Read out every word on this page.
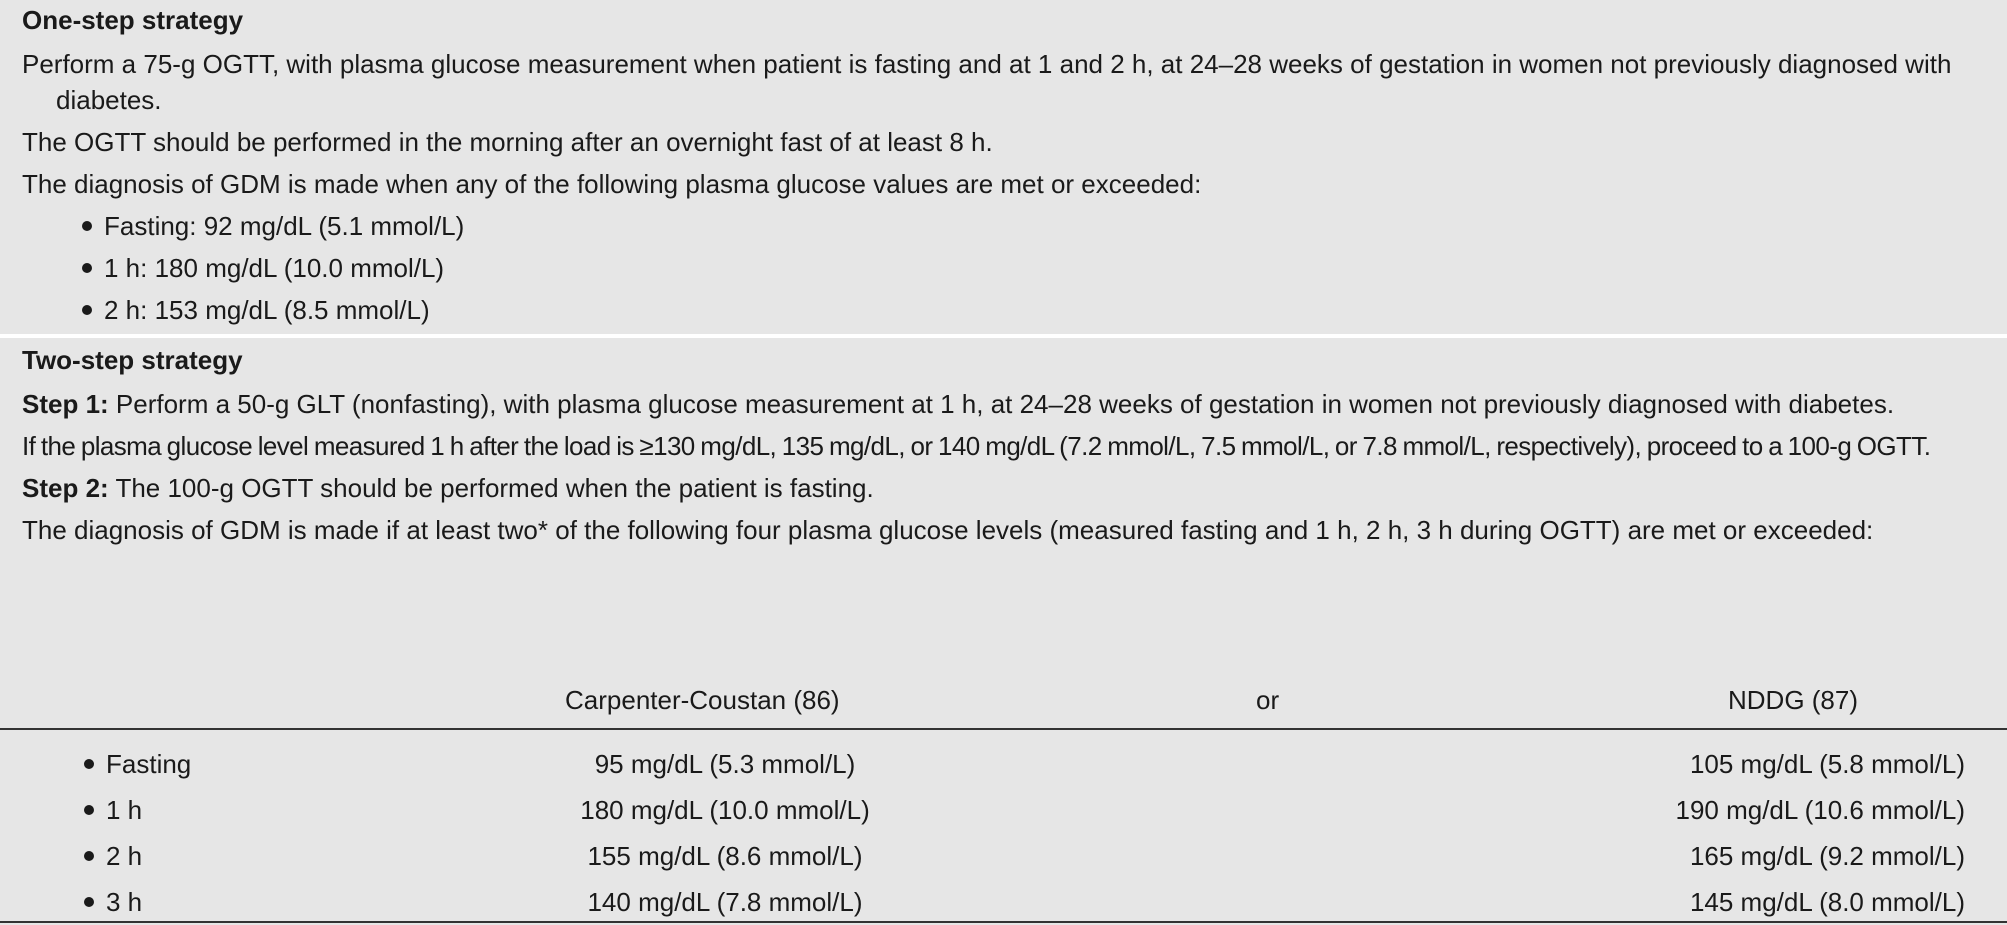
One-step strategy
Perform a 75-g OGTT, with plasma glucose measurement when patient is fasting and at 1 and 2 h, at 24–28 weeks of gestation in women not previously diagnosed with diabetes.
The OGTT should be performed in the morning after an overnight fast of at least 8 h.
The diagnosis of GDM is made when any of the following plasma glucose values are met or exceeded:
Fasting: 92 mg/dL (5.1 mmol/L)
1 h: 180 mg/dL (10.0 mmol/L)
2 h: 153 mg/dL (8.5 mmol/L)
Two-step strategy
Step 1: Perform a 50-g GLT (nonfasting), with plasma glucose measurement at 1 h, at 24–28 weeks of gestation in women not previously diagnosed with diabetes.
If the plasma glucose level measured 1 h after the load is ≥130 mg/dL, 135 mg/dL, or 140 mg/dL (7.2 mmol/L, 7.5 mmol/L, or 7.8 mmol/L, respectively), proceed to a 100-g OGTT.
Step 2: The 100-g OGTT should be performed when the patient is fasting.
The diagnosis of GDM is made if at least two* of the following four plasma glucose levels (measured fasting and 1 h, 2 h, 3 h during OGTT) are met or exceeded:
Carpenter-Coustan (86)	or	NDDG (87)
Fasting	95 mg/dL (5.3 mmol/L)	105 mg/dL (5.8 mmol/L)
1 h	180 mg/dL (10.0 mmol/L)	190 mg/dL (10.6 mmol/L)
2 h	155 mg/dL (8.6 mmol/L)	165 mg/dL (9.2 mmol/L)
3 h	140 mg/dL (7.8 mmol/L)	145 mg/dL (8.0 mmol/L)
